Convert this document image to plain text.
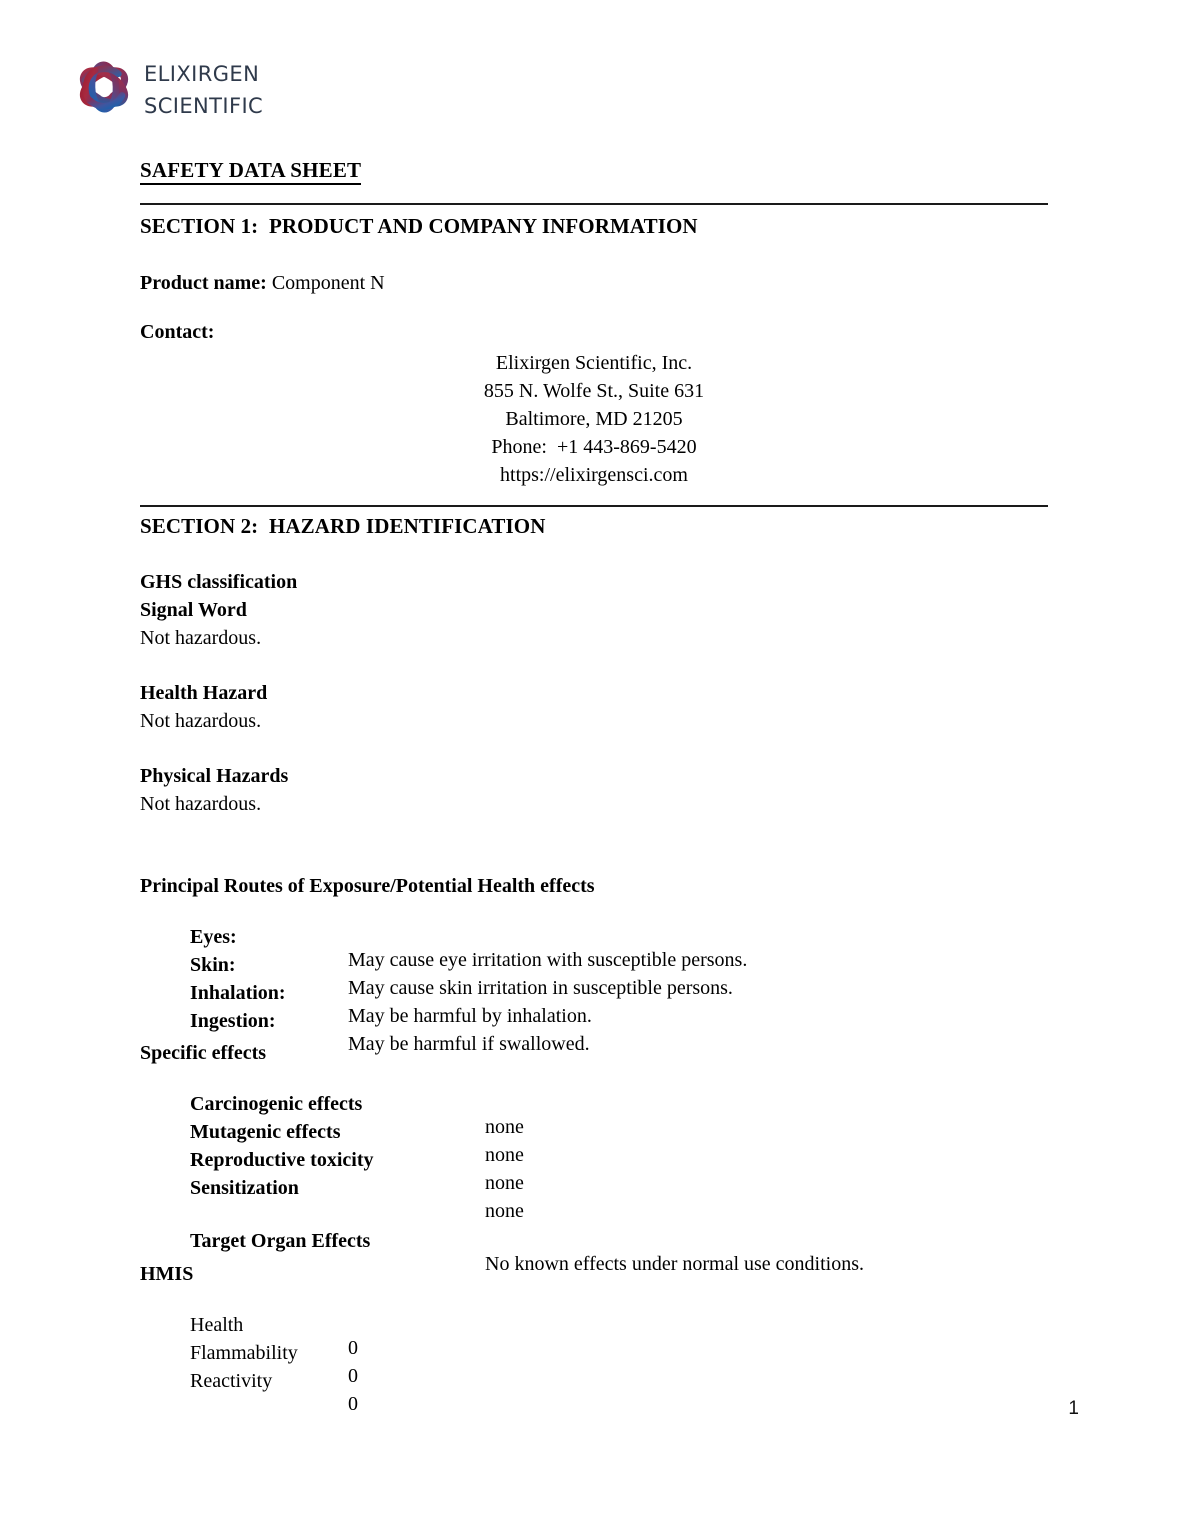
elixirgen
scientific
SAFETY DATA SHEET
SECTION 1:  PRODUCT AND COMPANY INFORMATION
Product name: Component N
Contact:
Elixirgen Scientific, Inc.
855 N. Wolfe St., Suite 631
Baltimore, MD 21205
Phone:  +1 443-869-5420
https://elixirgensci.com
SECTION 2:  HAZARD IDENTIFICATION
GHS classification
Signal Word
Not hazardous.
Health Hazard
Not hazardous.
Physical Hazards
Not hazardous.
Principal Routes of Exposure/Potential Health effects

Eyes:

May cause eye irritation with susceptible persons.

Skin:

May cause skin irritation in susceptible persons.

Inhalation:

May be harmful by inhalation.

Ingestion:

May be harmful if swallowed.

Specific effects

Carcinogenic effects

none

Mutagenic effects

none

Reproductive toxicity

none

Sensitization

none

Target Organ Effects

No known effects under normal use conditions.

HMIS

Health

0

Flammability

0

Reactivity

0

	1
